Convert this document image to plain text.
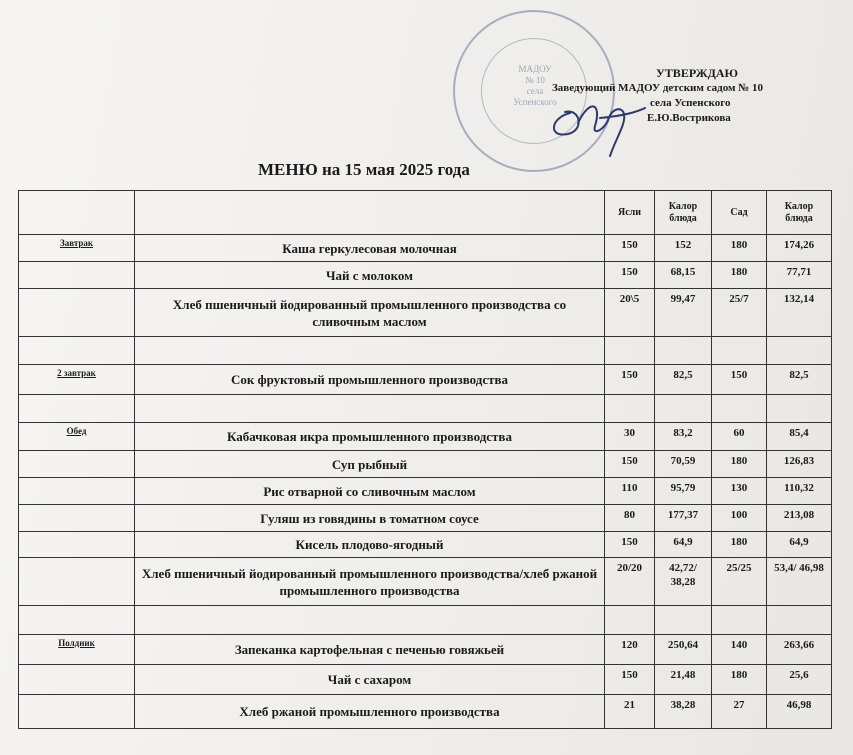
МАДОУ
№ 10
села Успенского
УТВЕРЖДАЮ
Заведующий МАДОУ детским садом № 10
села Успенского
Е.Ю.Вострикова
МЕНЮ на 15 мая 2025 года
		Ясли	Калор блюда	Сад	Калор блюда
Завтрак	Каша геркулесовая молочная	150	152	180	174,26
	Чай с молоком	150	68,15	180	77,71
	Хлеб пшеничный йодированный промышленного производства со сливочным маслом	20\5	99,47	25/7	132,14

2 завтрак	Сок фруктовый промышленного производства	150	82,5	150	82,5

Обед	Кабачковая икра промышленного производства	30	83,2	60	85,4
	Суп рыбный	150	70,59	180	126,83
	Рис отварной со сливочным маслом	110	95,79	130	110,32
	Гуляш из говядины в томатном соусе	80	177,37	100	213,08
	Кисель плодово-ягодный	150	64,9	180	64,9
	Хлеб пшеничный йодированный промышленного производства/хлеб ржаной промышленного производства	20/20	42,72/ 38,28	25/25	53,4/ 46,98

Полдник	Запеканка картофельная с печенью говяжьей	120	250,64	140	263,66
	Чай с сахаром	150	21,48	180	25,6
	Хлеб ржаной промышленного производства	21	38,28	27	46,98
